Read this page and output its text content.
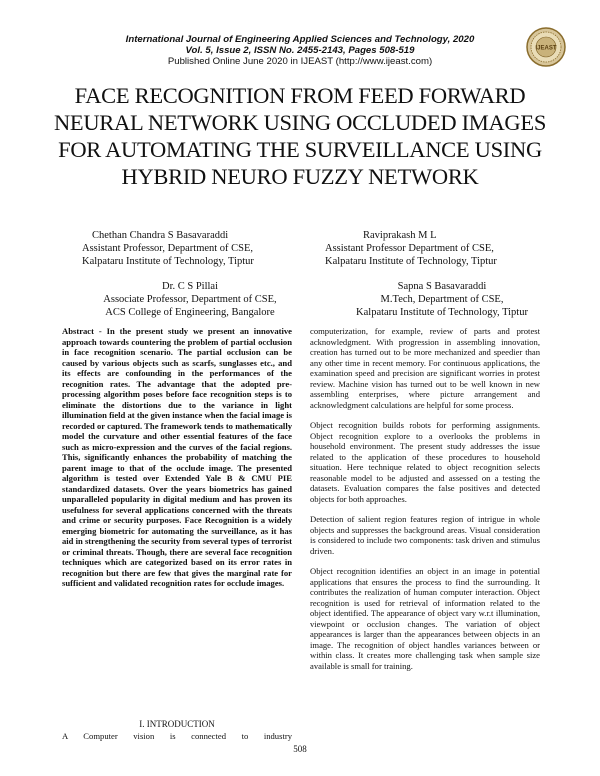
International Journal of Engineering Applied Sciences and Technology, 2020
Vol. 5, Issue 2, ISSN No. 2455-2143, Pages 508-519
Published Online June 2020 in IJEAST (http://www.ijeast.com)
IJEAST
FACE RECOGNITION FROM FEED FORWARD NEURAL NETWORK USING OCCLUDED IMAGES FOR AUTOMATING THE SURVEILLANCE USING HYBRID NEURO FUZZY NETWORK
Chethan Chandra S Basavaraddi
Assistant Professor, Department of CSE,
Kalpataru Institute of Technology, Tiptur
Raviprakash M L
Assistant Professor Department of CSE,
Kalpataru Institute of Technology, Tiptur
Dr. C S Pillai
Associate Professor, Department of CSE,
ACS College of Engineering, Bangalore
Sapna S Basavaraddi
M.Tech, Department of CSE,
Kalpataru Institute of Technology, Tiptur
Abstract - In the present study we present an innovative approach towards countering the problem of partial occlusion in face recognition scenario. The partial occlusion can be caused by various objects such as scarfs, sunglasses etc., and its effects are confounding in the performances of the recognition rates. The advantage that the adopted pre-processing algorithm poses before face recognition steps is to eliminate the distortions due to the variance in light illumination field at the given instance when the facial image is recorded or captured. The framework tends to mathematically model the curvature and other essential features of the face such as micro-expression and the curves of the facial regions. This, significantly enhances the probability of matching the parent image to that of the occlude image. The presented algorithm is tested over Extended Yale B & CMU PIE standardized datasets. Over the years biometrics has gained unparalleled popularity in digital medium and has proven its usefulness for several applications concerned with the threats and crime or security purposes. Face Recognition is a widely emerging biometric for automating the surveillance, as it has aid in strengthening the security from several types of terrorist or criminal threats. Though, there are several face recognition techniques which are categorized based on its error rates in recognition but there are few that gives the marginal rate for sufficient and validated recognition rates for occlude images.
I. INTRODUCTION
A Computer vision is connected to industry

computerization, for example, review of parts and protest acknowledgment. With progression in assembling innovation, creation has turned out to be more mechanized and speedier than any other time in recent memory. For continuous applications, the examination speed and precision are significant worries in protest review. Machine vision has turned out to be well known in new assembling enterprises, where picture arrangement and acknowledgment calculations are helpful for some process.

Object recognition builds robots for performing assignments. Object recognition explore to a overlooks the problems in household environment. The present study addresses the issue related to the application of these procedures to household situation. Here technique related to object recognition selects reasonable model to be adjusted and assessed on a testing the datasets. Evaluation compares the false positives and detected objects for both approaches.

Detection of salient region features region of intrigue in whole objects and suppresses the background areas. Visual consideration is considered to include two components: task driven and stimulus driven.

Object recognition identifies an object in an image in potential applications that ensures the process to find the surrounding. It contributes the realization of human computer interaction. Object recognition is used for retrieval of information related to the object identified. The appearance of object vary w.r.t illumination, viewpoint or occlusion changes. The variation of object appearances is larger than the appearances between objects in an image. The recognition of object handles variances between or within class. It creates more challenging task when sample size available is small for training.

508
